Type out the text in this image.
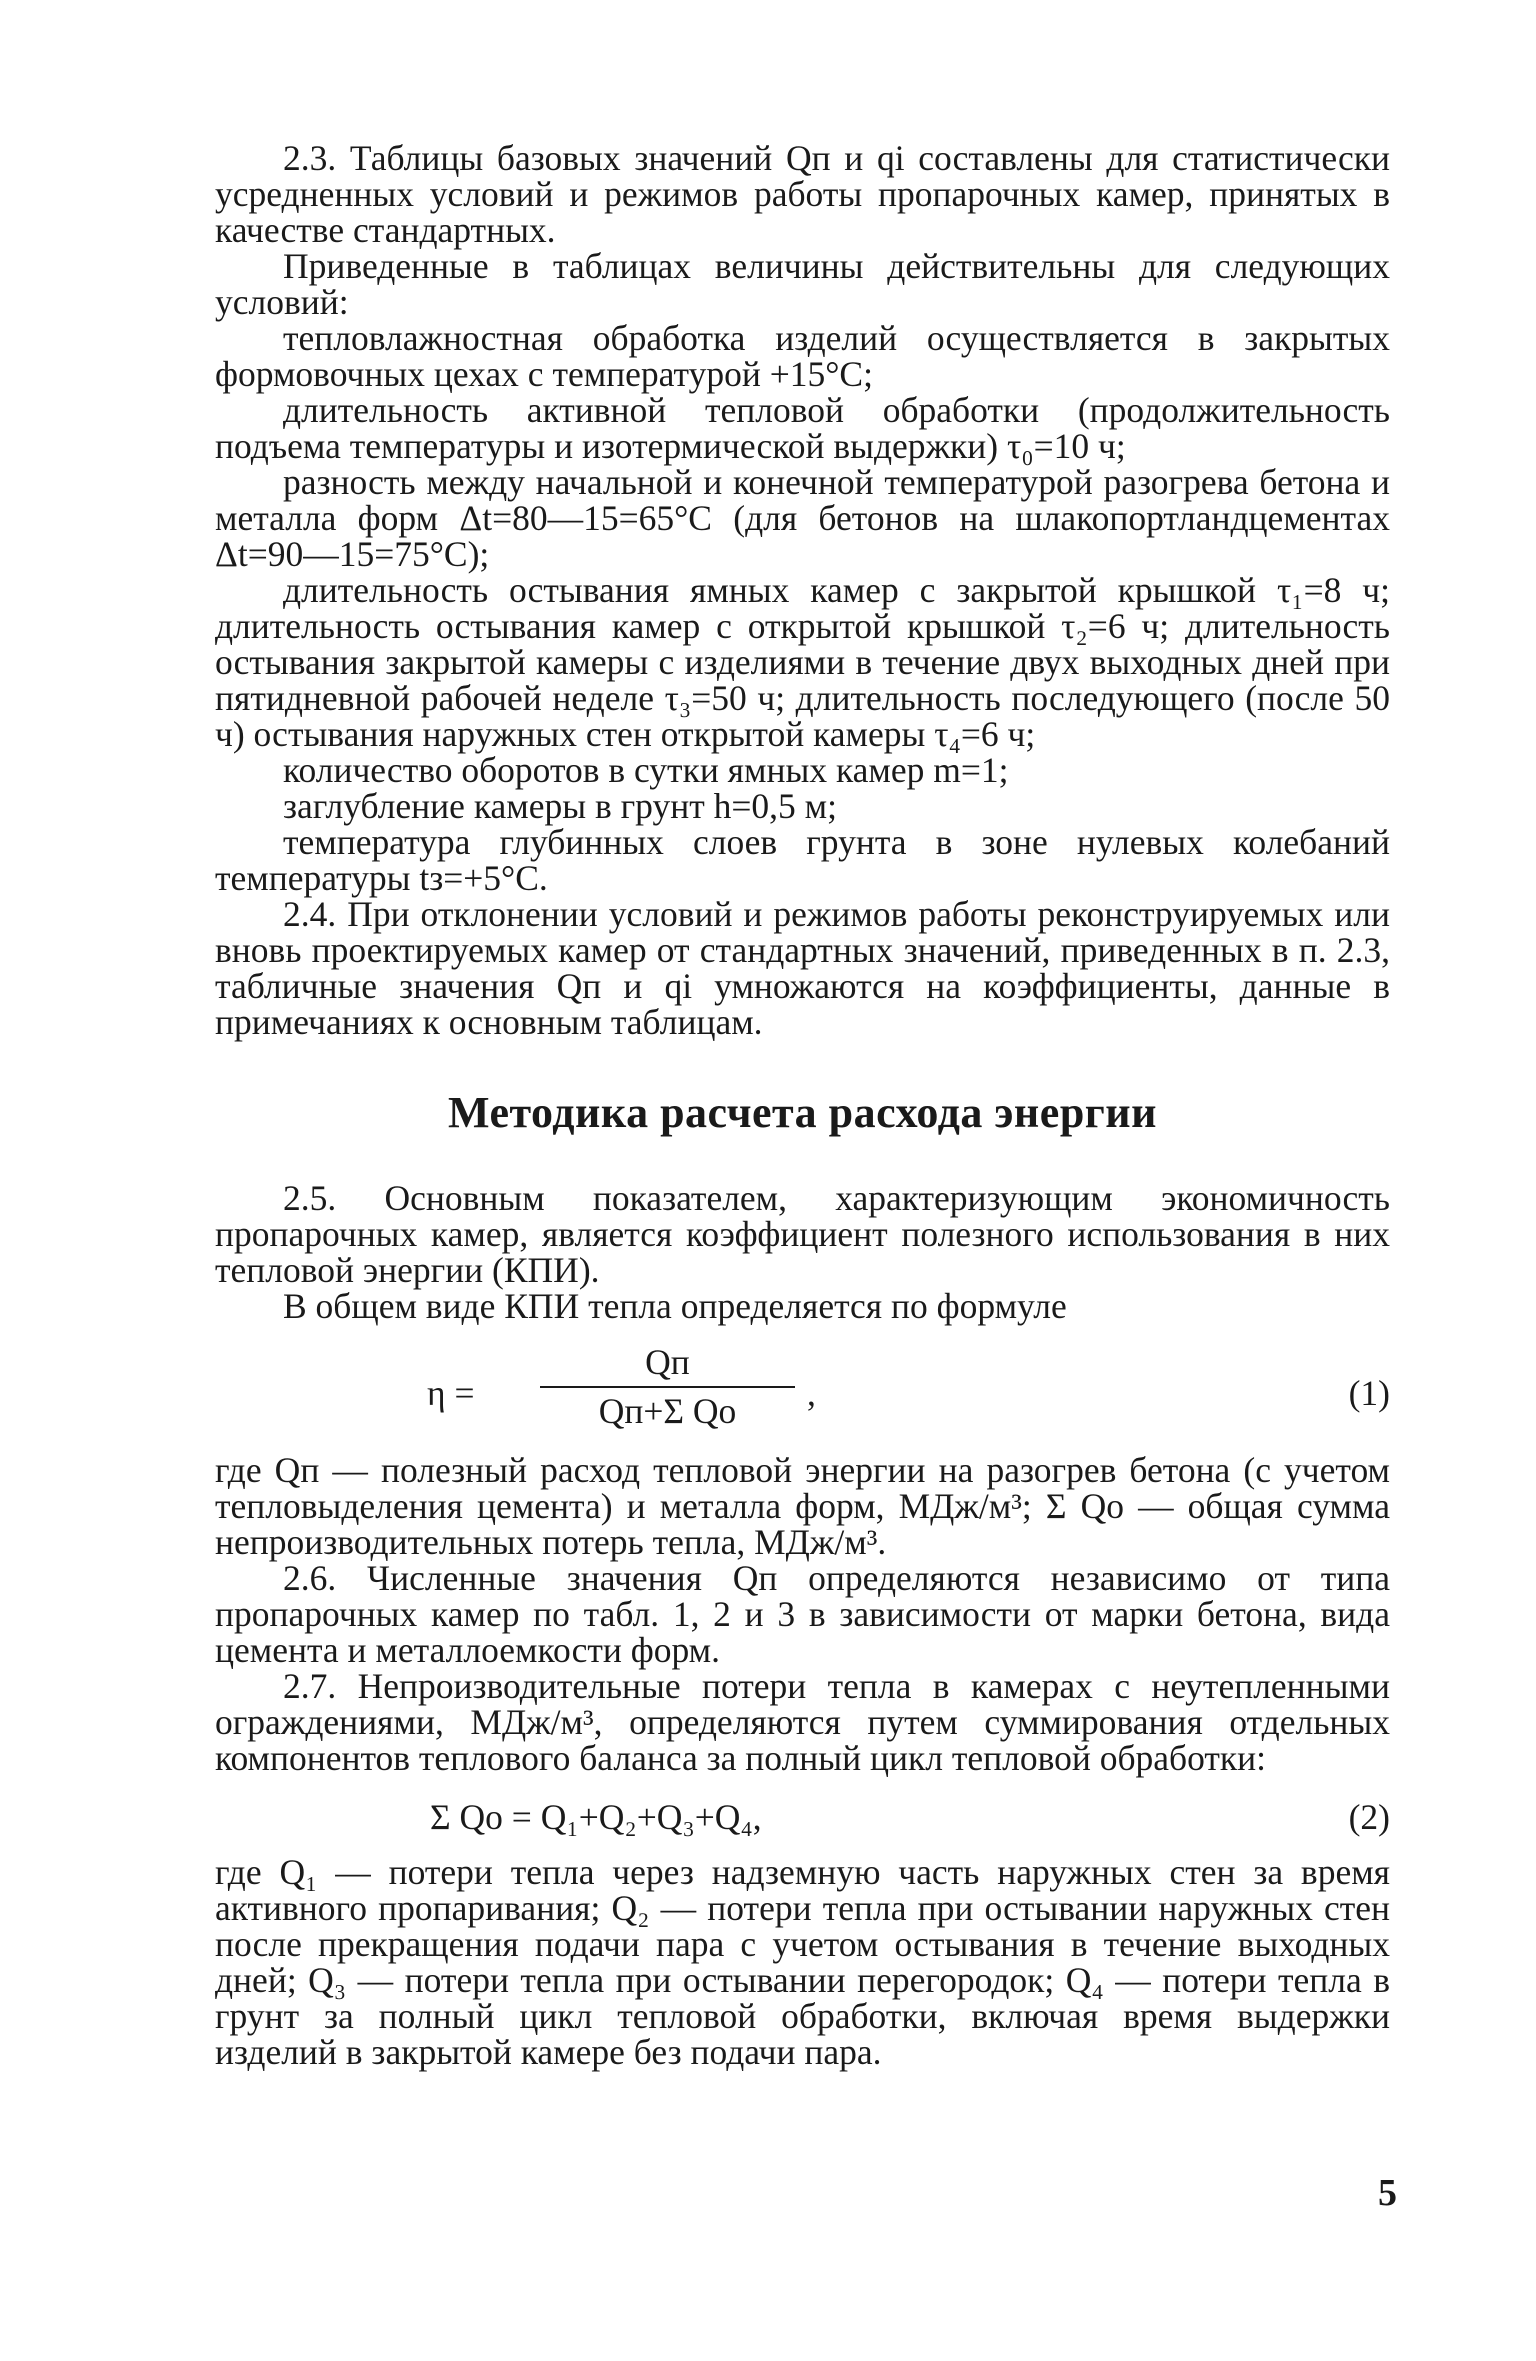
2.3. Таблицы базовых значений Qп и qi составлены для статистически усредненных условий и режимов работы пропарочных камер, принятых в качестве стандартных.

Приведенные в таблицах величины действительны для следующих условий:

тепловлажностная обработка изделий осуществляется в закрытых формовочных цехах с температурой +15°С;

длительность активной тепловой обработки (продолжительность подъема температуры и изотермической выдержки) τ₀=10 ч;

разность между начальной и конечной температурой разогрева бетона и металла форм Δt=80—15=65°С (для бетонов на шлакопортландцементах Δt=90—15=75°С);

длительность остывания ямных камер с закрытой крышкой τ₁=8 ч; длительность остывания камер с открытой крышкой τ₂=6 ч; длительность остывания закрытой камеры с изделиями в течение двух выходных дней при пятидневной рабочей неделе τ₃=50 ч; длительность последующего (после 50 ч) остывания наружных стен открытой камеры τ₄=6 ч;

количество оборотов в сутки ямных камер m=1;

заглубление камеры в грунт h=0,5 м;

температура глубинных слоев грунта в зоне нулевых колебаний температуры tз=+5°С.

2.4. При отклонении условий и режимов работы реконструируемых или вновь проектируемых камер от стандартных значений, приведенных в п. 2.3, табличные значения Qп и qi умножаются на коэффициенты, данные в примечаниях к основным таблицам.

Методика расчета расхода энергии

2.5. Основным показателем, характеризующим экономичность пропарочных камер, является коэффициент полезного использования в них тепловой энергии (КПИ).

В общем виде КПИ тепла определяется по формуле

η =
Qп
Qп+Σ Qо	,	(1)

где Qп — полезный расход тепловой энергии на разогрев бетона (с учетом тепловыделения цемента) и металла форм, МДж/м³; Σ Qо — общая сумма непроизводительных потерь тепла, МДж/м³.

2.6. Численные значения Qп определяются независимо от типа пропарочных камер по табл. 1, 2 и 3 в зависимости от марки бетона, вида цемента и металлоемкости форм.

2.7. Непроизводительные потери тепла в камерах с неутепленными ограждениями, МДж/м³, определяются путем суммирования отдельных компонентов теплового баланса за полный цикл тепловой обработки:

Σ Qо = Q₁+Q₂+Q₃+Q₄,	(2)

где Q₁ — потери тепла через надземную часть наружных стен за время активного пропаривания; Q₂ — потери тепла при остывании наружных стен после прекращения подачи пара с учетом остывания в течение выходных дней; Q₃ — потери тепла при остывании перегородок; Q₄ — потери тепла в грунт за полный цикл тепловой обработки, включая время выдержки изделий в закрытой камере без подачи пара.

5
